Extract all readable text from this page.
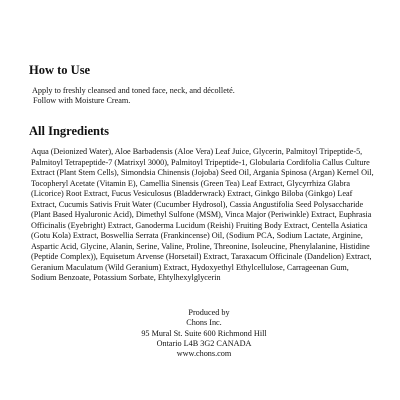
How to Use

Apply to freshly cleansed and toned face, neck, and décolleté.

Follow with Moisture Cream.

All Ingredients

Aqua (Deionized Water), Aloe Barbadensis (Aloe Vera) Leaf Juice, Glycerin, Palmitoyl Tripeptide-5, Palmitoyl Tetrapeptide-7 (Matrixyl 3000), Palmitoyl Tripeptide-1, Globularia Cordifolia Callus Culture Extract (Plant Stem Cells), Simondsia Chinensis (Jojoba) Seed Oil, Argania Spinosa (Argan) Kernel Oil, Tocopheryl Acetate (Vitamin E), Camellia Sinensis (Green Tea) Leaf Extract, Glycyrrhiza Glabra (Licorice) Root Extract, Fucus Vesiculosus (Bladderwrack) Extract, Ginkgo Biloba (Ginkgo) Leaf Extract, Cucumis Sativis Fruit Water (Cucumber Hydrosol), Cassia Angustifolia Seed Polysaccharide (Plant Based Hyaluronic Acid), Dimethyl Sulfone (MSM), Vinca Major (Periwinkle) Extract, Euphrasia Officinalis (Eyebright) Extract, Ganoderma Lucidum (Reishi) Fruiting Body Extract, Centella Asiatica (Gotu Kola) Extract, Boswellia Serrata (Frankincense) Oil, (Sodium PCA, Sodium Lactate, Arginine, Aspartic Acid, Glycine, Alanin, Serine, Valine, Proline, Threonine, Isoleucine, Phenylalanine, Histidine (Peptide Complex)), Equisetum Arvense (Horsetail) Extract, Taraxacum Officinale (Dandelion) Extract, Geranium Maculatum (Wild Geranium) Extract, Hydoxyethyl Ethylcellulose, Carrageenan Gum, Sodium Benzoate, Potassium Sorbate, Ehtylhexylglycerin

Produced by
Chons Inc.
95 Mural St. Suite 600 Richmond Hill
Ontario L4B 3G2 CANADA
www.chons.com
